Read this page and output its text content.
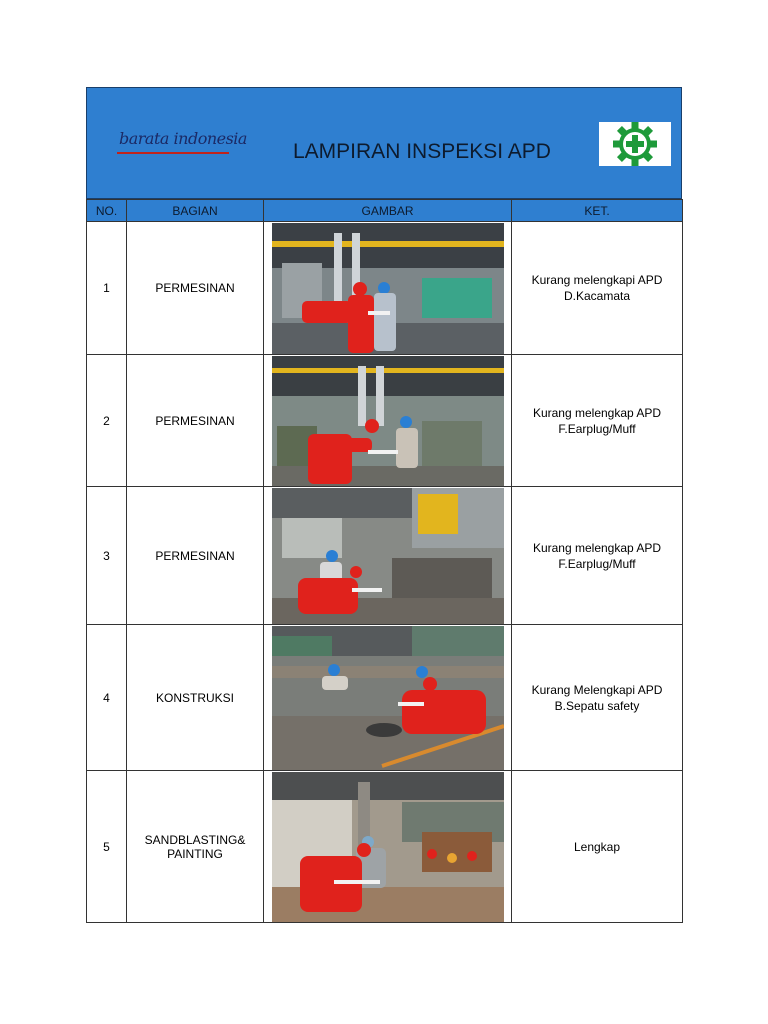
barata indonesia
LAMPIRAN INSPEKSI APD
NO.	BAGIAN	GAMBAR	KET.
1	PERMESINAN		Kurang melengkapi APD
D.Kacamata

2	PERMESINAN		Kurang melengkap APD
F.Earplug/Muff

3	PERMESINAN		Kurang melengkap APD
F.Earplug/Muff

4	KONSTRUKSI		Kurang Melengkapi APD
B.Sepatu safety

5	SANDBLASTING&
PAINTING		Lengkap
